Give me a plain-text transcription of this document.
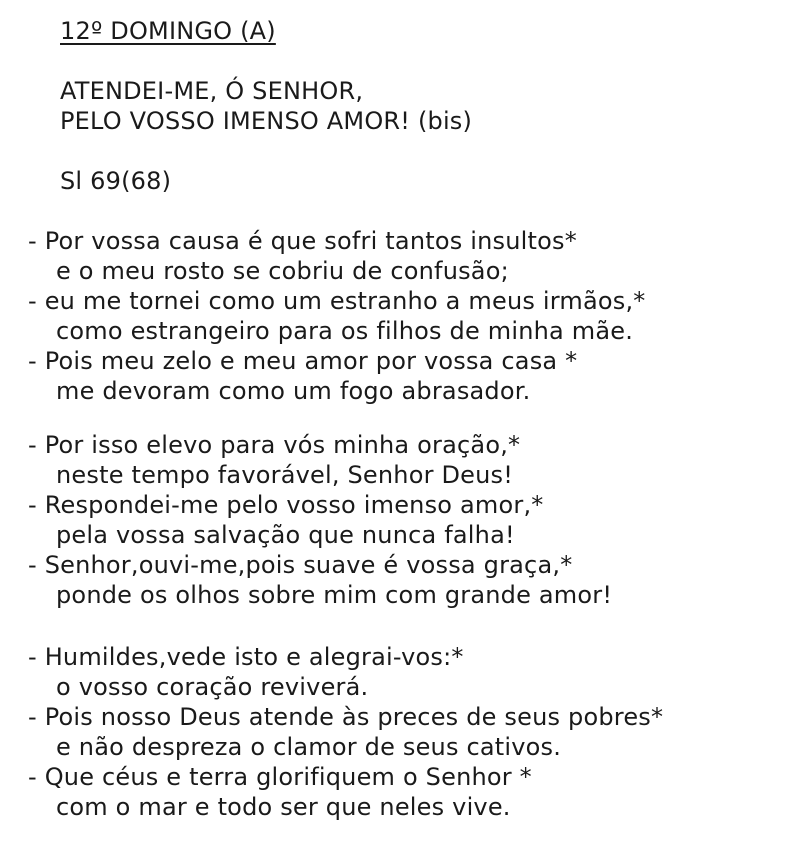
12º DOMINGO (A)
ATENDEI-ME, Ó SENHOR,
PELO VOSSO IMENSO AMOR! (bis)
Sl 69(68)
- Por vossa causa é que sofri tantos insultos*
e o meu rosto se cobriu de confusão;
- eu me tornei como um estranho a meus irmãos,*
como estrangeiro para os filhos de minha mãe.
- Pois meu zelo e meu amor por vossa casa *
me devoram como um fogo abrasador.
- Por isso elevo para vós minha oração,*
neste tempo favorável, Senhor Deus!
- Respondei-me pelo vosso imenso amor,*
pela vossa salvação que nunca falha!
- Senhor,ouvi-me,pois suave é vossa graça,*
ponde os olhos sobre mim com grande amor!
- Humildes,vede isto e alegrai-vos:*
o vosso coração reviverá.
- Pois nosso Deus atende às preces de seus pobres*
e não despreza o clamor de seus cativos.
- Que céus e terra glorifiquem o Senhor *
com o mar e todo ser que neles vive.
